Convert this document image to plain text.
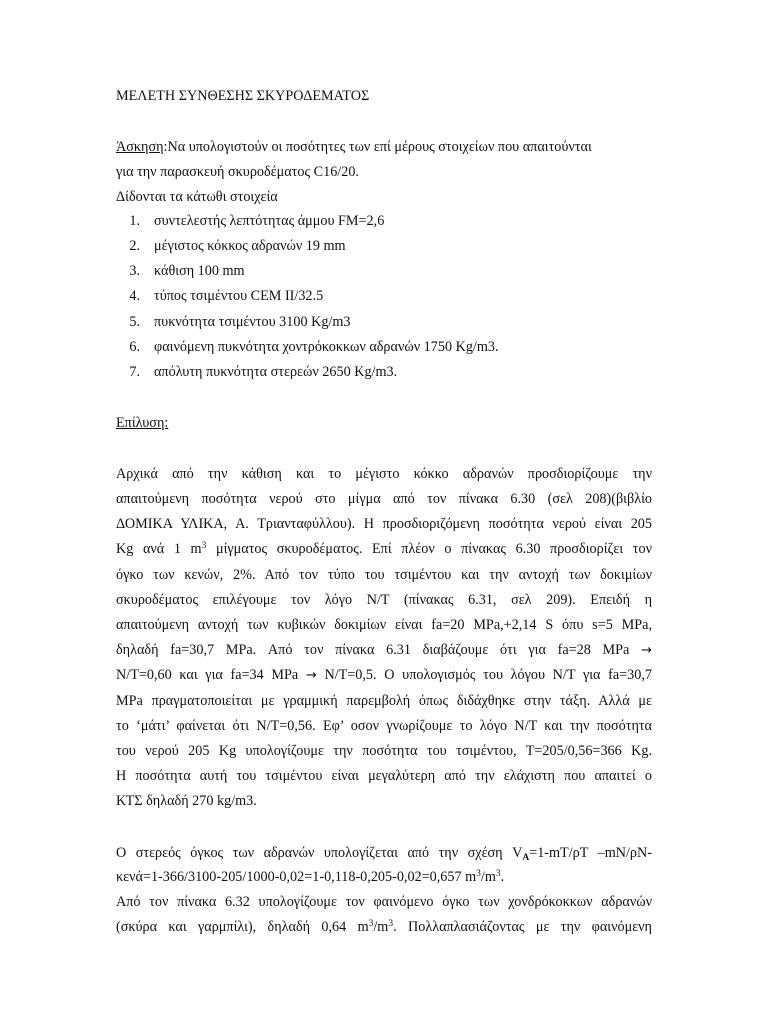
ΜΕΛΕΤΗ ΣΥΝΘΕΣΗΣ ΣΚΥΡΟΔΕΜΑΤΟΣ
Άσκηση:Να υπολογιστούν οι ποσότητες των επί μέρους στοιχείων που απαιτούνται
για την παρασκευή σκυροδέματος C16/20.
Δίδονται τα κάτωθι στοιχεία
1. συντελεστής λεπτότητας άμμου FM=2,6
2. μέγιστος κόκκος αδρανών 19 mm
3. κάθιση 100 mm
4. τύπος τσιμέντου CEM II/32.5
5. πυκνότητα τσιμέντου 3100 Kg/m3
6. φαινόμενη πυκνότητα χοντρόκοκκων αδρανών 1750 Kg/m3.
7. απόλυτη πυκνότητα στερεών 2650 Kg/m3.
Επίλυση:
Αρχικά από την κάθιση και το μέγιστο κόκκο αδρανών προσδιορίζουμε την
απαιτούμενη ποσότητα νερού στο μίγμα από τον πίνακα 6.30 (σελ 208)(βιβλίο
ΔΟΜΙΚΑ ΥΛΙΚΑ, Α. Τριανταφύλλου). Η προσδιοριζόμενη ποσότητα νερού είναι 205
Kg ανά 1 $m^3$ μίγματος σκυροδέματος. Επί πλέον ο πίνακας 6.30 προσδιορίζει τον
όγκο των κενών, 2%. Από τον τύπο του τσιμέντου και την αντοχή των δοκιμίων
σκυροδέματος επιλέγουμε τον λόγο Ν/Τ (πίνακας 6.31, σελ 209). Επειδή η
απαιτούμενη αντοχή των κυβικών δοκιμίων είναι fa=20 MPa,+2,14 S όπυ s=5 MPa,
δηλαδή fa=30,7 MPa. Από τον πίνακα 6.31 διαβάζουμε ότι για fa=28 MPa →
Ν/Τ=0,60 και για fa=34 MPa → Ν/Τ=0,5. Ο υπολογισμός του λόγου Ν/Τ για fa=30,7
MPa πραγματοποιείται με γραμμική παρεμβολή όπως διδάχθηκε στην τάξη. Αλλά με
το ‘μάτι’ φαίνεται ότι Ν/Τ=0,56. Εφ’ οσον γνωρίζουμε το λόγο Ν/Τ και την ποσότητα
του νερού 205 Kg υπολογίζουμε την ποσότητα του τσιμέντου, Τ=205/0,56=366 Kg.
Η ποσότητα αυτή του τσιμέντου είναι μεγαλύτερη από την ελάχιστη που απαιτεί ο
ΚΤΣ δηλαδή 270 kg/m3.
Ο στερεός όγκος των αδρανών υπολογίζεται από την σχέση $V_A=1-mT/\rho T$ –mΝ/ρΝ-
κενά=1-366/3100-205/1000-0,02=1-0,118-0,205-0,02=0,657 $m^3/m^3$.
Από τον πίνακα 6.32 υπολογίζουμε τον φαινόμενο όγκο των χονδρόκοκκων αδρανών
(σκύρα και γαρμπίλι), δηλαδή 0,64 $m^3/m^3$. Πολλαπλασιάζοντας με την φαινόμενη
